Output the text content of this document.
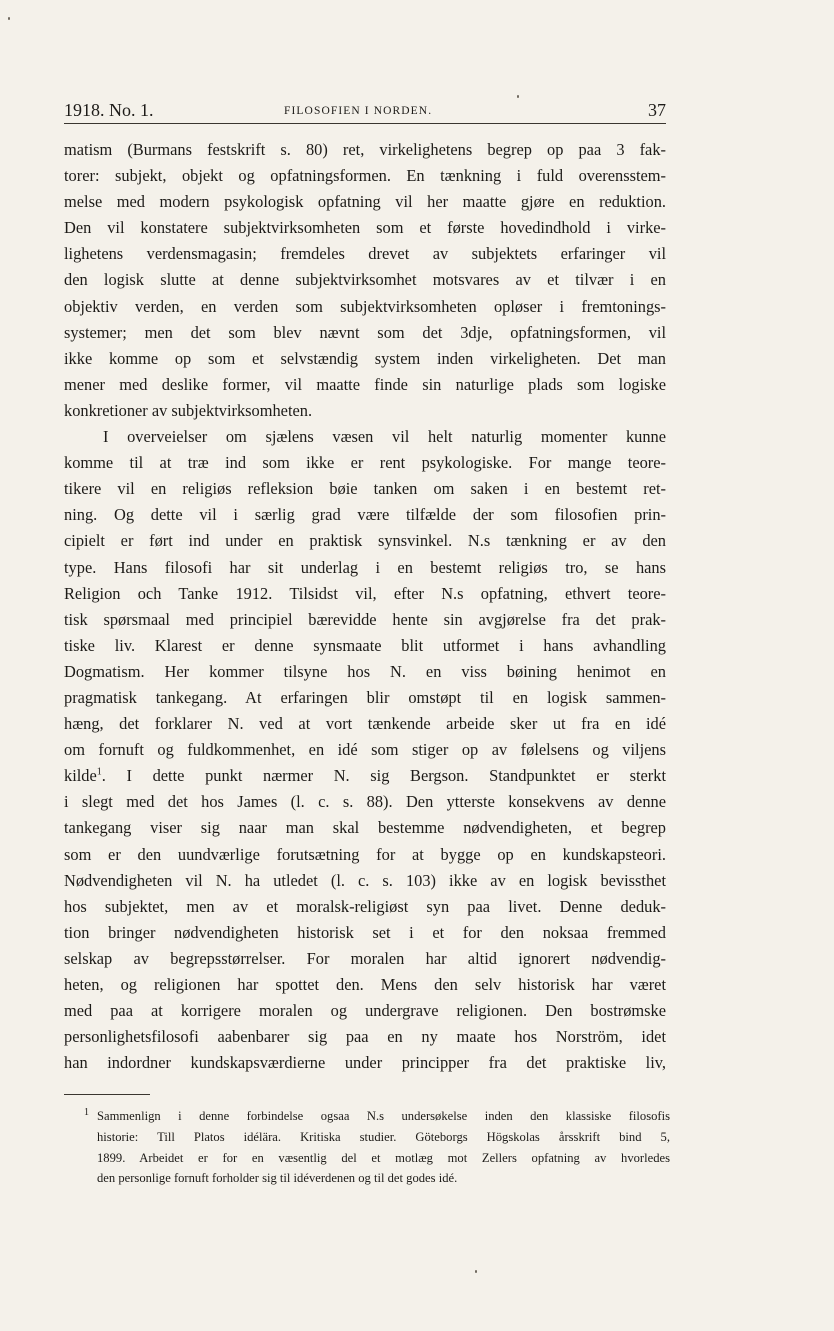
1918. No. 1.	FILOSOFIEN I NORDEN.	37
matism (Burmans festskrift s. 80) ret, virkelighetens begrep op paa 3 fak-
torer: subjekt, objekt og opfatningsformen. En tænkning i fuld overensstem-
melse med modern psykologisk opfatning vil her maatte gjøre en reduktion.
Den vil konstatere subjektvirksomheten som et første hovedindhold i virke-
lighetens verdensmagasin; fremdeles drevet av subjektets erfaringer vil
den logisk slutte at denne subjektvirksomhet motsvares av et tilvær i en
objektiv verden, en verden som subjektvirksomheten opløser i fremtonings-
systemer; men det som blev nævnt som det 3dje, opfatningsformen, vil
ikke komme op som et selvstændig system inden virkeligheten. Det man
mener med deslike former, vil maatte finde sin naturlige plads som logiske
konkretioner av subjektvirksomheten.
I overveielser om sjælens væsen vil helt naturlig momenter kunne
komme til at træ ind som ikke er rent psykologiske. For mange teore-
tikere vil en religiøs refleksion bøie tanken om saken i en bestemt ret-
ning. Og dette vil i særlig grad være tilfælde der som filosofien prin-
cipielt er ført ind under en praktisk synsvinkel. N.s tænkning er av den
type. Hans filosofi har sit underlag i en bestemt religiøs tro, se hans
Religion och Tanke 1912. Tilsidst vil, efter N.s opfatning, ethvert teore-
tisk spørsmaal med principiel bærevidde hente sin avgjørelse fra det prak-
tiske liv. Klarest er denne synsmaate blit utformet i hans avhandling
Dogmatism. Her kommer tilsyne hos N. en viss bøining henimot en
pragmatisk tankegang. At erfaringen blir omstøpt til en logisk sammen-
hæng, det forklarer N. ved at vort tænkende arbeide sker ut fra en idé
om fornuft og fuldkommenhet, en idé som stiger op av følelsens og viljens
kilde$^1$. I dette punkt nærmer N. sig Bergson. Standpunktet er sterkt
i slegt med det hos James (l. c. s. 88). Den ytterste konsekvens av denne
tankegang viser sig naar man skal bestemme nødvendigheten, et begrep
som er den uundværlige forutsætning for at bygge op en kundskapsteori.
Nødvendigheten vil N. ha utledet (l. c. s. 103) ikke av en logisk bevissthet
hos subjektet, men av et moralsk-religiøst syn paa livet. Denne deduk-
tion bringer nødvendigheten historisk set i et for den noksaa fremmed
selskap av begrepsstørrelser. For moralen har altid ignorert nødvendig-
heten, og religionen har spottet den. Mens den selv historisk har været
med paa at korrigere moralen og undergrave religionen. Den bostrømske
personlighetsfilosofi aabenbarer sig paa en ny maate hos Norström, idet
han indordner kundskapsværdierne under principper fra det praktiske liv,
1 Sammenlign i denne forbindelse ogsaa N.s undersøkelse inden den klassiske filosofis
historie: Till Platos idélära. Kritiska studier. Göteborgs Högskolas årsskrift bind 5,
1899. Arbeidet er for en væsentlig del et motlæg mot Zellers opfatning av hvorledes
den personlige fornuft forholder sig til idéverdenen og til det godes idé.
